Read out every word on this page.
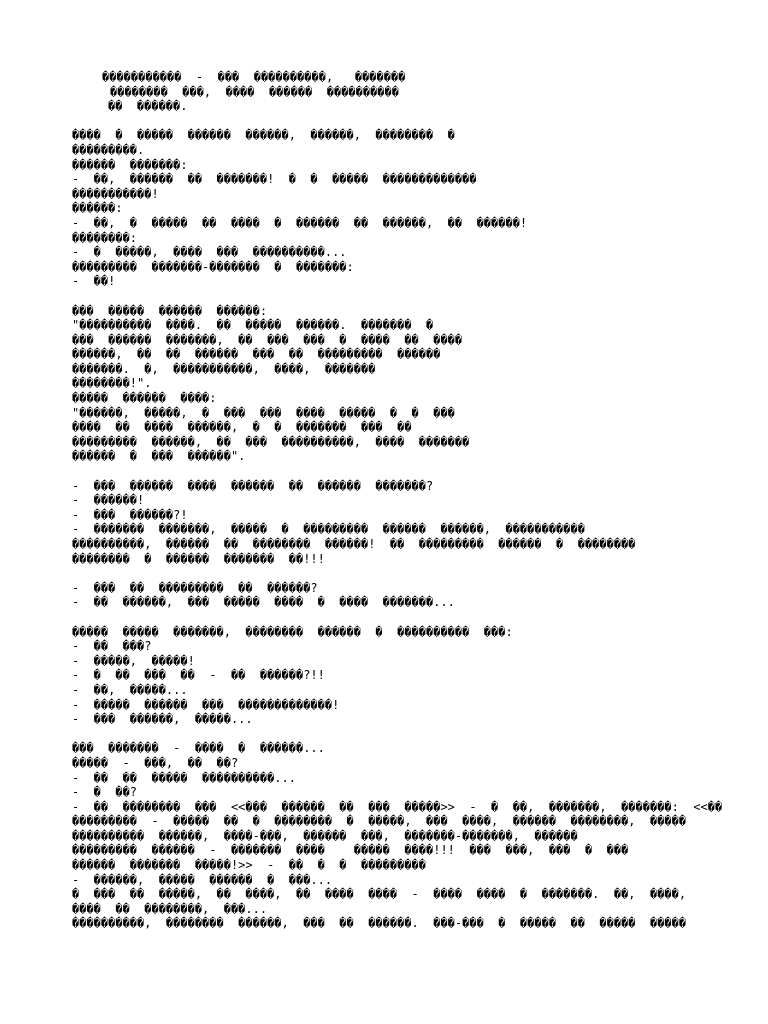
�����������  -  ���  ����������,   �������
��������  ���,  ����  ������  ����������
��  ������.
����  �  �����  ������  ������,  ������,  ��������  �
���������.
������  �������:
-  ��,  ������  ��  �������!  �  �  �����  �������������
�����������!
������:
-  ��,  �  �����  ��  ����  �  ������  ��  ������,  ��  ������!
��������:
-  �  �����,  ����  ���  ����������...
���������  �������-�������  �  �������:
-  ��!
���  �����  ������  ������:
"����������  ����.  ��  �����  ������.  �������  �
���  ������  �������,  ��  ���  ���  �  ����  ��  ����
������,  ��  ��  ������  ���  ��  ���������  ������
�������.  �,  �����������,  ����,  �������
��������!".
�����  ������  ����:
"������,  �����,  �  ���  ���  ����  �����  �  �  ���
����  ��  ����  ������,  �  �  �������  ���  ��
���������  ������,  ��  ���  ����������,  ����  �������
������  �  ���  ������".
-  ���  ������  ����  ������  ��  ������  �������?
-  ������!
-  ���  ������?!
-  �������  �������,  �����  �  ���������  ������  ������,  �����������
����������,  ������  ��  ��������  ������!  ��  ���������  ������  �  ��������
��������  �  ������  �������  ��!!!
-  ���  ��  ���������  ��  ������?
-  ��  ������,  ���  �����  ����  �  ����  �������...
�����  �����  �������,  ��������  ������  �  ����������  ���:
-  ��  ���?
-  �����,  �����!
-  �  ��  ���  ��  -  ��  ������?!!
-  ��,  �����...
-  �����  ������  ���  �������������!
-  ���  ������,  �����...
���  �������  -  ����  �  ������...
�����  -  ���,  ��  ��?
-  ��  ��  �����  ����������...
-  �  ��?
-  ��  ��������  ���  <<���  ������  ��  ���  �����>>  -  �  ��,  �������,  �������:  <<��
���������  -  �����  ��  �  ��������  �  �����,  ���  ����,  ������  ��������,  �����
����������  ������,  ����-���,  ������  ���,  �������-�������,  ������
���������  ������  -  �������  ����    �����  ����!!!  ���  ���,  ���  �  ���
������  �������  �����!>>  -  ��  �  �  ���������
-  ������,  �����  ������  �  ���...
�  ���  ��  �����,  ��  ����,  ��  ����  ����  -  ����  ����  �  �������.  ��,  ����,
����  ��  ��������,  ���...
����������,  ��������  ������,  ���  ��  ������.  ���-���  �  �����  ��  �����  �����
